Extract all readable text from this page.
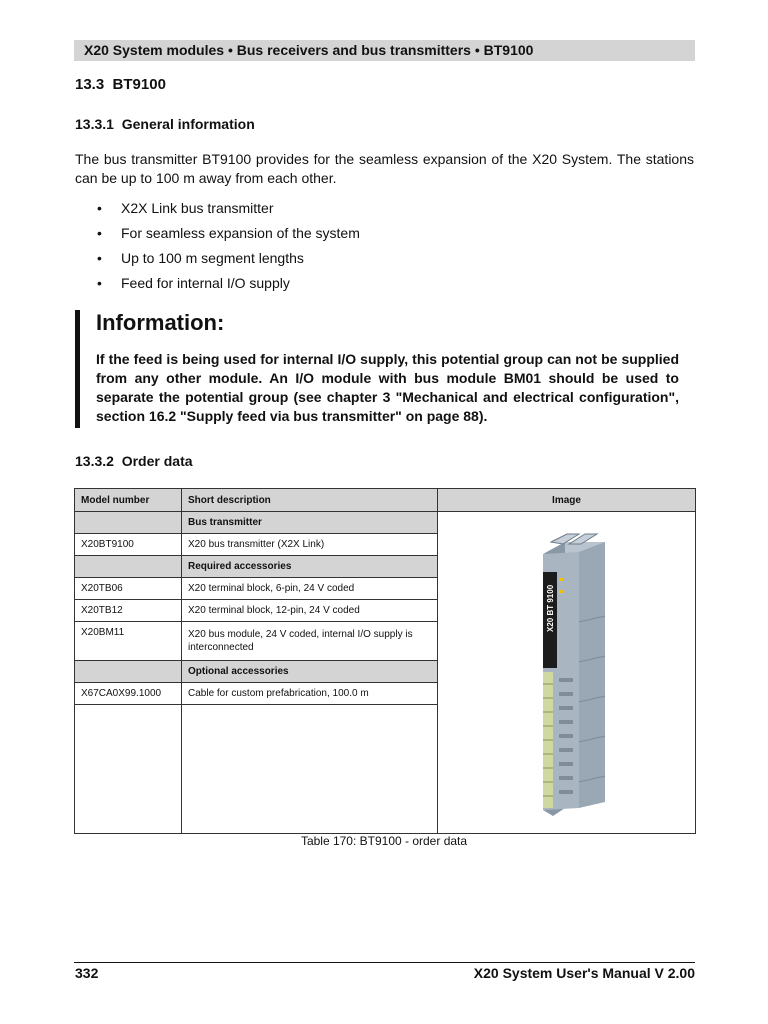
X20 System modules • Bus receivers and bus transmitters • BT9100
13.3 BT9100
13.3.1 General information

The bus transmitter BT9100 provides for the seamless expansion of the X20 System. The stations can be up to 100 m away from each other.

• X2X Link bus transmitter
• For seamless expansion of the system
• Up to 100 m segment lengths
• Feed for internal I/O supply
Information:

If the feed is being used for internal I/O supply, this potential group can not be supplied from any other module. An I/O module with bus module BM01 should be used to separate the potential group (see chapter 3 "Mechanical and electrical configuration", section 16.2 "Supply feed via bus transmitter" on page 88).

13.3.2 Order data
Model number	Short description	Image
	Bus transmitter	X20 BT 9100

X20BT9100	X20 bus transmitter (X2X Link)	
	Required accessories	
X20TB06	X20 terminal block, 6-pin, 24 V coded	
X20TB12	X20 terminal block, 12-pin, 24 V coded	
X20BM11	X20 bus module, 24 V coded, internal I/O supply is interconnected	
	Optional accessories	
X67CA0X99.1000	Cable for custom prefabrication, 100.0 m	

Table 170: BT9100 - order data
332	X20 System User's Manual V 2.00
